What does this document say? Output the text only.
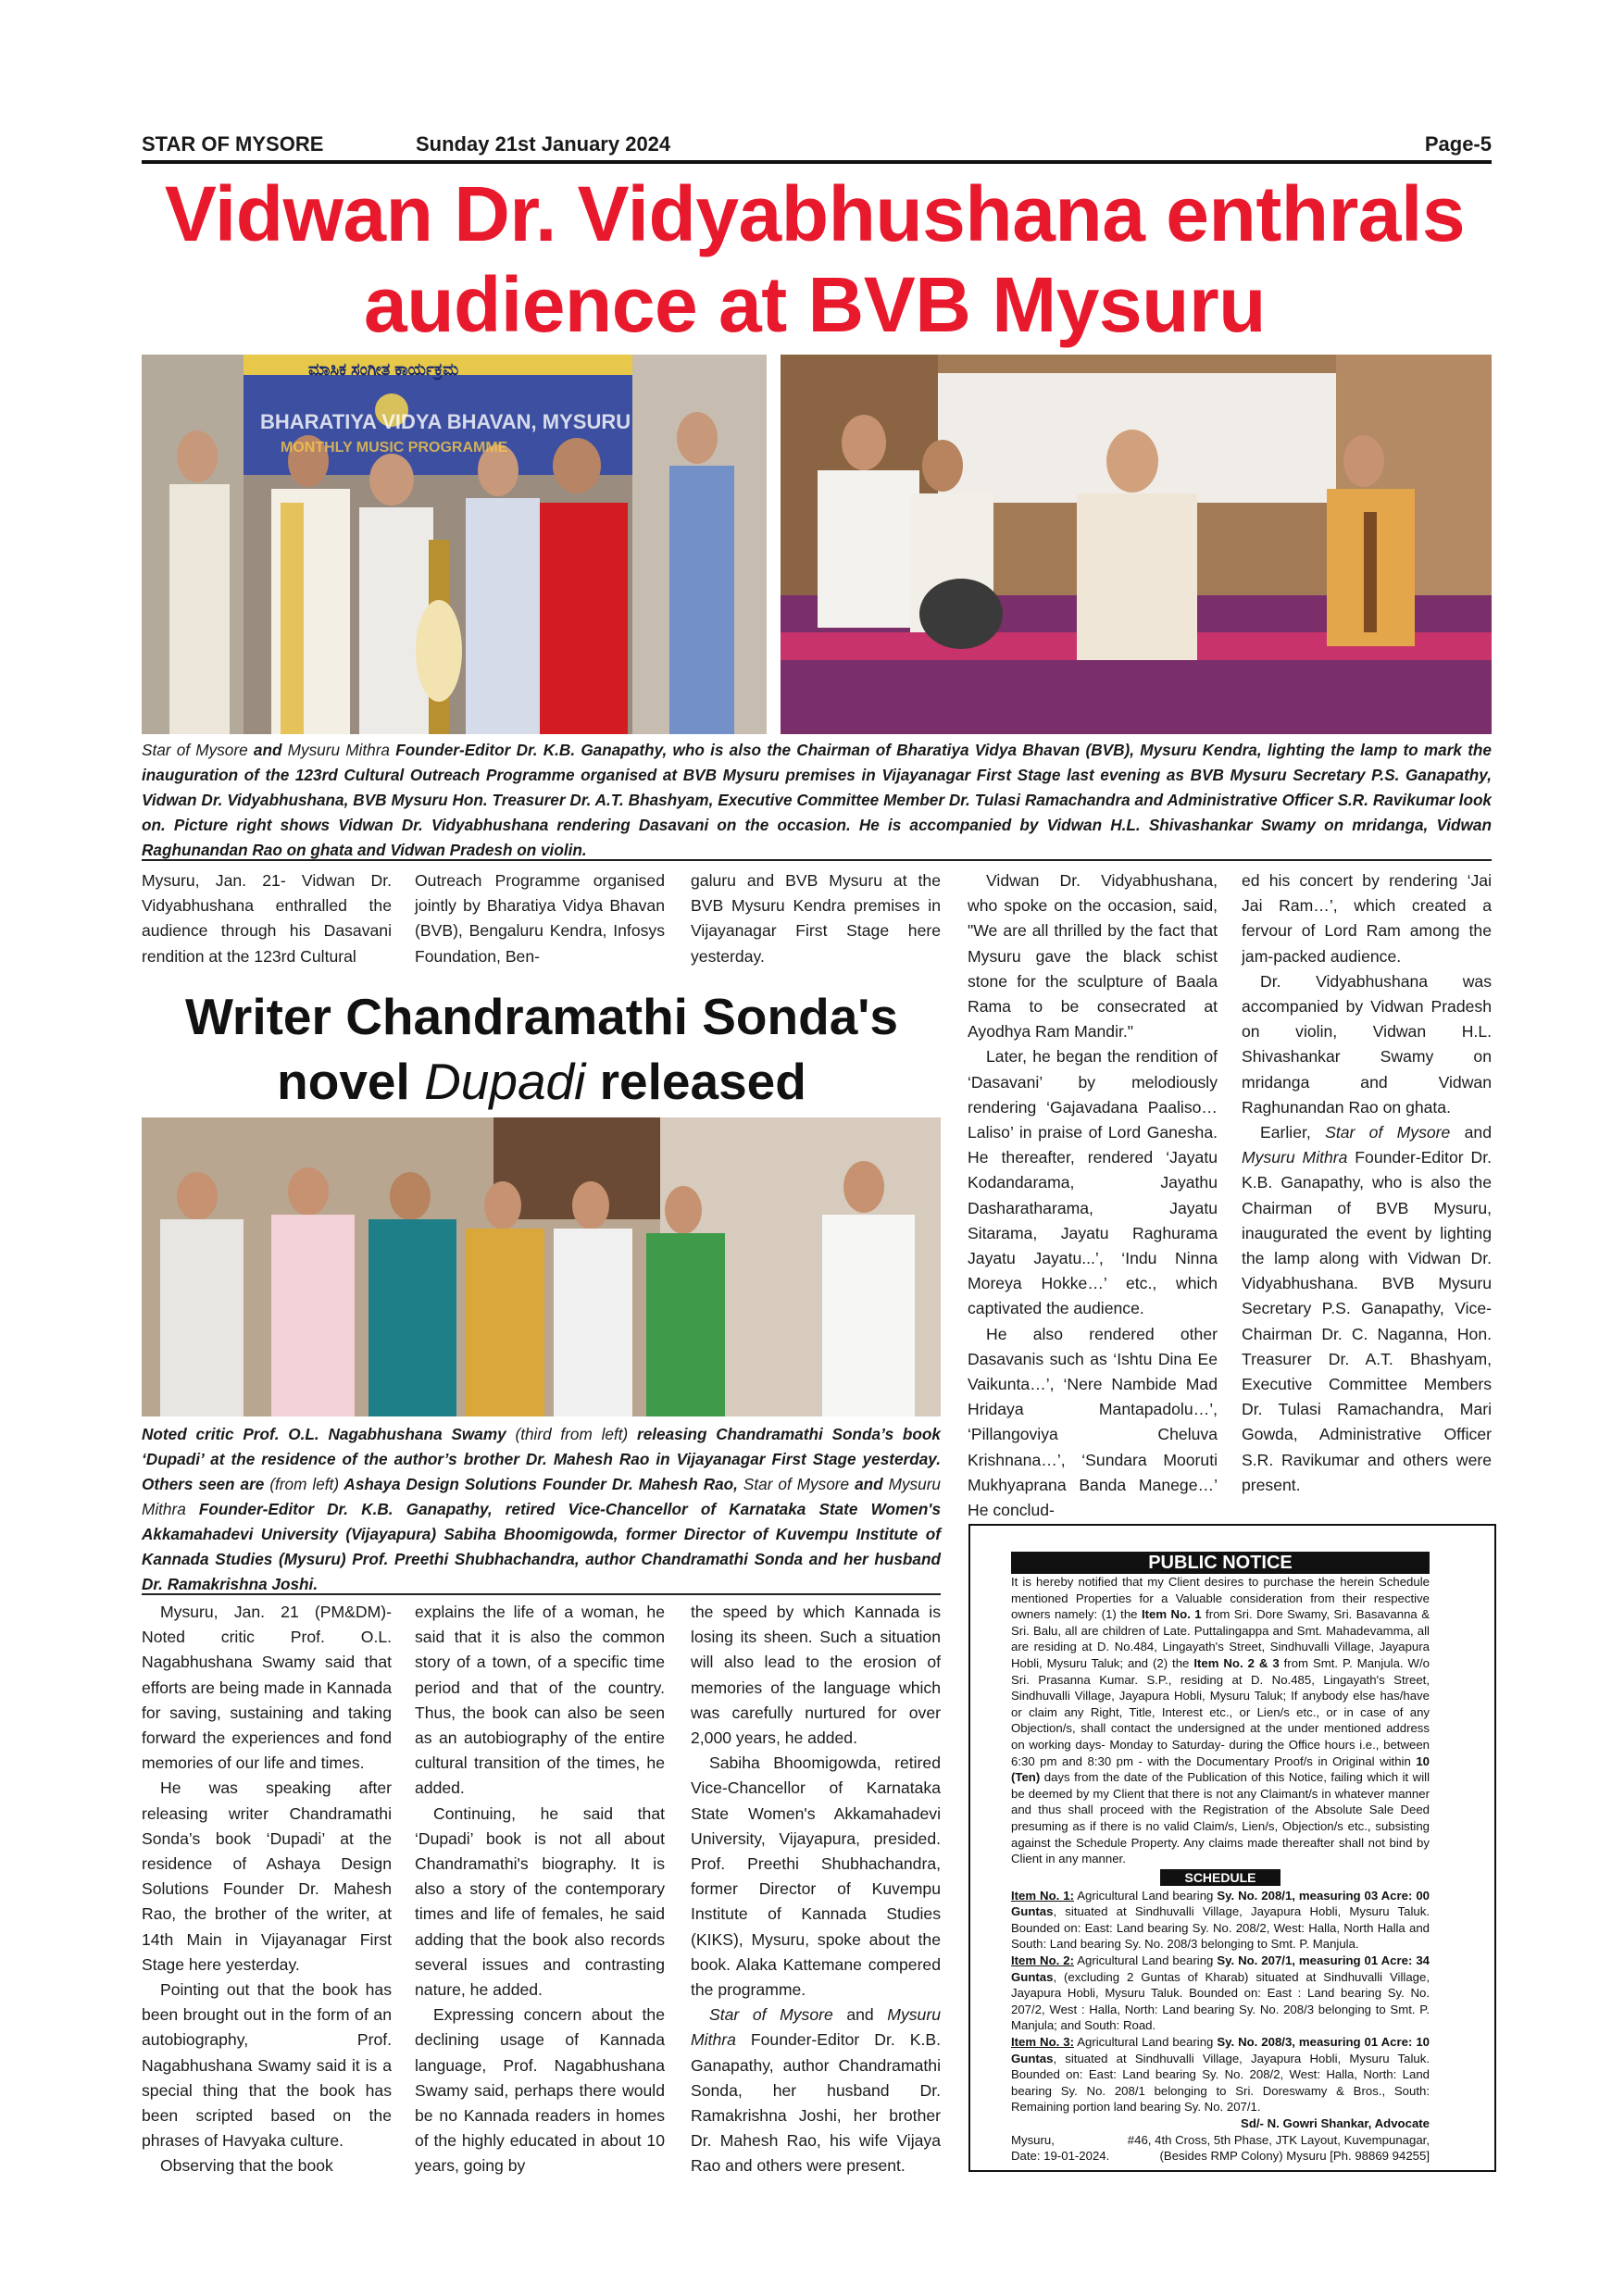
STAR OF MYSORE	Sunday 21st January 2024	Page-5
Vidwan Dr. Vidyabhushana enthrals
audience at BVB Mysuru
ಮಾಸಿಕ ಸಂಗೀತ ಕಾರ್ಯಕ್ರಮ
BHARATIYA VIDYA BHAVAN, MYSURU
MONTHLY MUSIC PROGRAMME
Star of Mysore and Mysuru Mithra Founder-Editor Dr. K.B. Ganapathy, who is also the Chairman of Bharatiya Vidya Bhavan (BVB), Mysuru Kendra, lighting the lamp to mark the inauguration of the 123rd Cultural Outreach Programme organised at BVB Mysuru premises in Vijayanagar First Stage last evening as BVB Mysuru Secretary P.S. Ganapathy, Vidwan Dr. Vidyabhushana, BVB Mysuru Hon. Treasurer Dr. A.T. Bhashyam, Executive Committee Member Dr. Tulasi Ramachandra and Administrative Officer S.R. Ravikumar look on. Picture right shows Vidwan Dr. Vidyabhushana rendering Dasavani on the occasion. He is accompanied by Vidwan H.L. Shivashankar Swamy on mridanga, Vidwan Raghunandan Rao on ghata and Vidwan Pradesh on violin.

Mysuru, Jan. 21- Vidwan Dr. Vidyabhushana enthralled the audience through his Dasavani rendition at the 123rd Cultural

Outreach Programme organised jointly by Bharatiya Vidya Bhavan (BVB), Bengaluru Kendra, Infosys Foundation, Ben-

galuru and BVB Mysuru at the BVB Mysuru Kendra premises in Vijayanagar First Stage here yesterday.

Vidwan Dr. Vidyabhushana, who spoke on the occasion, said, "We are all thrilled by the fact that Mysuru gave the black schist stone for the sculpture of Baala Rama to be consecrated at Ayodhya Ram Mandir."

Later, he began the rendition of ‘Dasavani’ by melodiously rendering ‘Gajavadana Paaliso… Laliso’ in praise of Lord Ganesha. He thereafter, rendered ‘Jayatu Kodandarama, Jayathu Dasharatharama, Jayatu Sitarama, Jayatu Raghurama Jayatu Jayatu...’, ‘Indu Ninna Moreya Hokke…’ etc., which captivated the audience.

He also rendered other Dasavanis such as ‘Ishtu Dina Ee Vaikunta…’, ‘Nere Nambide Mad Hridaya Mantapadolu…’, ‘Pillangoviya Cheluva Krishnana…’, ‘Sundara Mooruti Mukhyaprana Banda Manege…’ He conclud-

ed his concert by rendering ‘Jai Jai Ram…’, which created a fervour of Lord Ram among the jam-packed audience.

Dr. Vidyabhushana was accompanied by Vidwan Pradesh on violin, Vidwan H.L. Shivashankar Swamy on mridanga and Vidwan Raghunandan Rao on ghata.

Earlier, Star of Mysore and Mysuru Mithra Founder-Editor Dr. K.B. Ganapathy, who is also the Chairman of BVB Mysuru, inaugurated the event by lighting the lamp along with Vidwan Dr. Vidyabhushana. BVB Mysuru Secretary P.S. Ganapathy, Vice-Chairman Dr. C. Naganna, Hon. Treasurer Dr. A.T. Bhashyam, Executive Committee Members Dr. Tulasi Ramachandra, Mari Gowda, Administrative Officer S.R. Ravikumar and others were present.

Writer Chandramathi Sonda's
novel Dupadi released
Noted critic Prof. O.L. Nagabhushana Swamy (third from left) releasing Chandramathi Sonda’s book ‘Dupadi’ at the residence of the author’s brother Dr. Mahesh Rao in Vijayanagar First Stage yesterday. Others seen are (from left) Ashaya Design Solutions Founder Dr. Mahesh Rao, Star of Mysore and Mysuru Mithra Founder-Editor Dr. K.B. Ganapathy, retired Vice-Chancellor of Karnataka State Women's Akkamahadevi University (Vijayapura) Sabiha Bhoomigowda, former Director of Kuvempu Institute of Kannada Studies (Mysuru) Prof. Preethi Shubhachandra, author Chandramathi Sonda and her husband Dr. Ramakrishna Joshi.

Mysuru, Jan. 21 (PM&DM)- Noted critic Prof. O.L. Nagabhushana Swamy said that efforts are being made in Kannada for saving, sustaining and taking forward the experiences and fond memories of our life and times.

He was speaking after releasing writer Chandramathi Sonda’s book ‘Dupadi’ at the residence of Ashaya Design Solutions Founder Dr. Mahesh Rao, the brother of the writer, at 14th Main in Vijayanagar First Stage here yesterday.

Pointing out that the book has been brought out in the form of an autobiography, Prof. Nagabhushana Swamy said it is a special thing that the book has been scripted based on the phrases of Havyaka culture.

Observing that the book

explains the life of a woman, he said that it is also the common story of a town, of a specific time period and that of the country. Thus, the book can also be seen as an autobiography of the entire cultural transition of the times, he added.

Continuing, he said that ‘Dupadi’ book is not all about Chandramathi's biography. It is also a story of the contemporary times and life of females, he said adding that the book also records several issues and contrasting nature, he added.

Expressing concern about the declining usage of Kannada language, Prof. Nagabhushana Swamy said, perhaps there would be no Kannada readers in homes of the highly educated in about 10 years, going by

the speed by which Kannada is losing its sheen. Such a situation will also lead to the erosion of memories of the language which was carefully nurtured for over 2,000 years, he added.

Sabiha Bhoomigowda, retired Vice-Chancellor of Karnataka State Women's Akkamahadevi University, Vijayapura, presided. Prof. Preethi Shubhachandra, former Director of Kuvempu Institute of Kannada Studies (KIKS), Mysuru, spoke about the book. Alaka Kattemane compered the programme.

Star of Mysore and Mysuru Mithra Founder-Editor Dr. K.B. Ganapathy, author Chandramathi Sonda, her husband Dr. Ramakrishna Joshi, her brother Dr. Mahesh Rao, his wife Vijaya Rao and others were present.

PUBLIC NOTICE

It is hereby notified that my Client desires to purchase the herein Schedule mentioned Properties for a Valuable consideration from their respective owners namely: (1) the Item No. 1 from Sri. Dore Swamy, Sri. Basavanna & Sri. Balu, all are children of Late. Puttalingappa and Smt. Mahadevamma, all are residing at D. No.484, Lingayath's Street, Sindhuvalli Village, Jayapura Hobli, Mysuru Taluk; and (2) the Item No. 2 & 3 from Smt. P. Manjula. W/o Sri. Prasanna Kumar. S.P., residing at D. No.485, Lingayath's Street, Sindhuvalli Village, Jayapura Hobli, Mysuru Taluk; If anybody else has/have or claim any Right, Title, Interest etc., or Lien/s etc., or in case of any Objection/s, shall contact the undersigned at the under mentioned address on working days- Monday to Saturday- during the Office hours i.e., between 6:30 pm and 8:30 pm - with the Documentary Proof/s in Original within 10 (Ten) days from the date of the Publication of this Notice, failing which it will be deemed by my Client that there is not any Claimant/s in whatever manner and thus shall proceed with the Registration of the Absolute Sale Deed presuming as if there is no valid Claim/s, Lien/s, Objection/s etc., subsisting against the Schedule Property. Any claims made thereafter shall not bind by Client in any manner.

SCHEDULE

Item No. 1: Agricultural Land bearing Sy. No. 208/1, measuring 03 Acre: 00 Guntas, situated at Sindhuvalli Village, Jayapura Hobli, Mysuru Taluk. Bounded on: East: Land bearing Sy. No. 208/2, West: Halla, North Halla and South: Land bearing Sy. No. 208/3 belonging to Smt. P. Manjula.

Item No. 2: Agricultural Land bearing Sy. No. 207/1, measuring 01 Acre: 34 Guntas, (excluding 2 Guntas of Kharab) situated at Sindhuvalli Village, Jayapura Hobli, Mysuru Taluk. Bounded on: East : Land bearing Sy. No. 207/2, West : Halla, North: Land bearing Sy. No. 208/3 belonging to Smt. P. Manjula; and South: Road.

Item No. 3: Agricultural Land bearing Sy. No. 208/3, measuring 01 Acre: 10 Guntas, situated at Sindhuvalli Village, Jayapura Hobli, Mysuru Taluk. Bounded on: East: Land bearing Sy. No. 208/2, West: Halla, North: Land bearing Sy. No. 208/1 belonging to Sri. Doreswamy & Bros., South: Remaining portion land bearing Sy. No. 207/1.

Sd/- N. Gowri Shankar, Advocate

Mysuru,
Date: 19-01-2024.
#46, 4th Cross, 5th Phase, JTK Layout, Kuvempunagar,
(Besides RMP Colony) Mysuru [Ph. 98869 94255]
